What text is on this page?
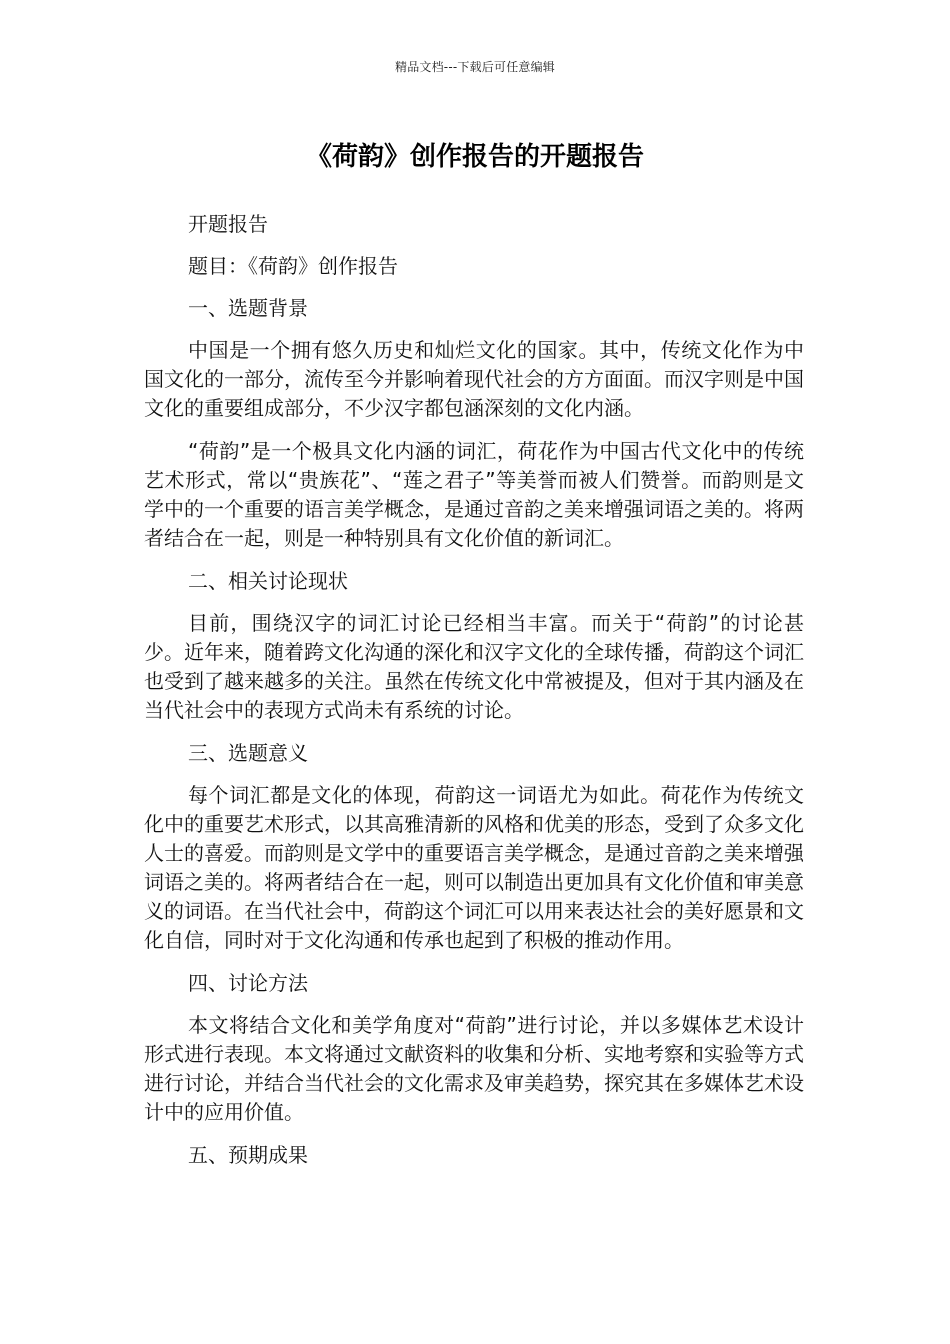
精品文档---下载后可任意编辑
《荷韵》创作报告的开题报告

开题报告

题目：《荷韵》创作报告

一、选题背景

中国是一个拥有悠久历史和灿烂文化的国家。其中，传统文化作为中国文化的一部分，流传至今并影响着现代社会的方方面面。而汉字则是中国文化的重要组成部分，不少汉字都包涵深刻的文化内涵。

“荷韵”是一个极具文化内涵的词汇，荷花作为中国古代文化中的传统艺术形式，常以“贵族花”、“莲之君子”等美誉而被人们赞誉。而韵则是文学中的一个重要的语言美学概念，是通过音韵之美来增强词语之美的。将两者结合在一起，则是一种特别具有文化价值的新词汇。

二、相关讨论现状

目前，围绕汉字的词汇讨论已经相当丰富。而关于“荷韵”的讨论甚少。近年来，随着跨文化沟通的深化和汉字文化的全球传播，荷韵这个词汇也受到了越来越多的关注。虽然在传统文化中常被提及，但对于其内涵及在当代社会中的表现方式尚未有系统的讨论。

三、选题意义

每个词汇都是文化的体现，荷韵这一词语尤为如此。荷花作为传统文化中的重要艺术形式，以其高雅清新的风格和优美的形态，受到了众多文化人士的喜爱。而韵则是文学中的重要语言美学概念，是通过音韵之美来增强词语之美的。将两者结合在一起，则可以制造出更加具有文化价值和审美意义的词语。在当代社会中，荷韵这个词汇可以用来表达社会的美好愿景和文化自信，同时对于文化沟通和传承也起到了积极的推动作用。

四、讨论方法

本文将结合文化和美学角度对“荷韵”进行讨论，并以多媒体艺术设计形式进行表现。本文将通过文献资料的收集和分析、实地考察和实验等方式进行讨论，并结合当代社会的文化需求及审美趋势，探究其在多媒体艺术设计中的应用价值。

五、预期成果
